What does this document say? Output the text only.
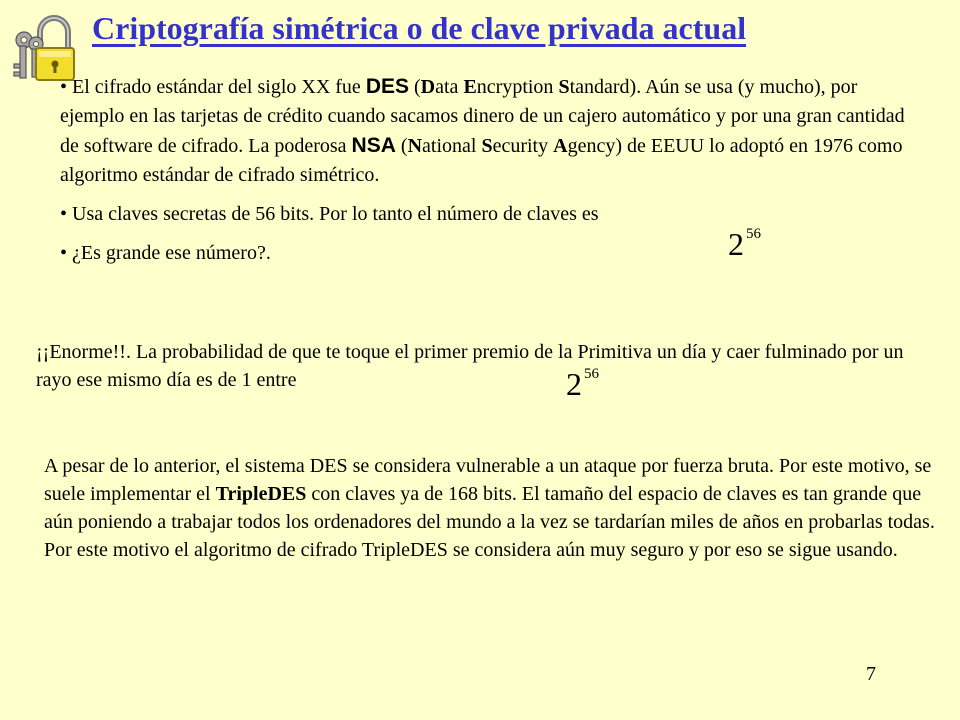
Criptografía simétrica o de clave privada actual

• El cifrado estándar del siglo XX fue DES (Data Encryption Standard). Aún se usa (y mucho), por ejemplo en las tarjetas de crédito cuando sacamos dinero de un cajero automático y por una gran cantidad de software de cifrado. La poderosa NSA (National Security Agency) de EEUU lo adoptó en 1976 como algoritmo estándar de cifrado simétrico.

• Usa claves secretas de 56 bits. Por lo tanto el número de claves es

• ¿Es grande ese número?.	2 56

¡¡Enorme!!. La probabilidad de que te toque el primer premio de la Primitiva un día y caer fulminado por un rayo ese mismo día es de 1 entre	2 56
A pesar de lo anterior, el sistema DES se considera vulnerable a un ataque por fuerza bruta. Por este motivo, se suele implementar el TripleDES con claves ya de 168 bits. El tamaño del espacio de claves es tan grande que aún poniendo a trabajar todos los ordenadores del mundo a la vez se tardarían miles de años en probarlas todas.
Por este motivo el algoritmo de cifrado TripleDES se considera aún muy seguro y por eso se sigue usando.
7
